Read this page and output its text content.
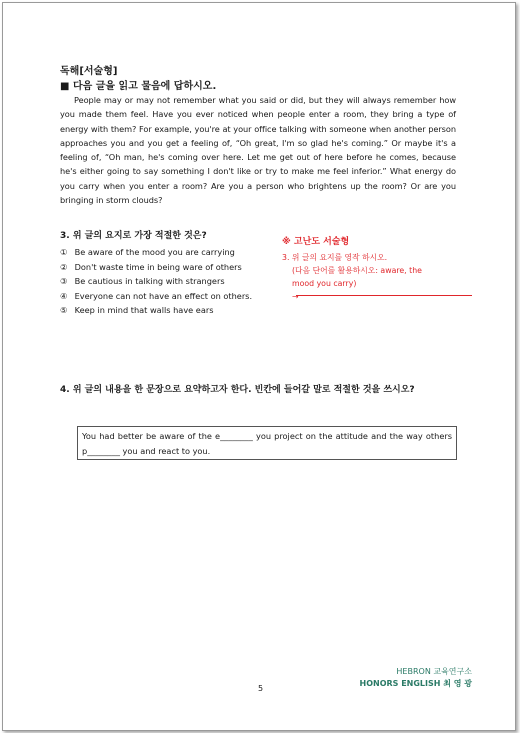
독해[서술형]
■ 다음 글을 읽고 물음에 답하시오.
People may or may not remember what you said or did, but they will always remember how you made them feel. Have you ever noticed when people enter a room, they bring a type of energy with them? For example, you're at your office talking with someone when another person approaches you and you get a feeling of, “Oh great, I'm so glad he's coming.” Or maybe it's a feeling of, “Oh man, he's coming over here. Let me get out of here before he comes, because he's either going to say something I don't like or try to make me feel inferior.” What energy do you carry when you enter a room? Are you a person who brightens up the room? Or are you bringing in storm clouds?
3. 위 글의 요지로 가장 적절한 것은?
① Be aware of the mood you are carrying
② Don't waste time in being ware of others
③ Be cautious in talking with strangers
④ Everyone can not have an effect on others.
⑤ Keep in mind that walls have ears
※ 고난도 서술형
3. 위 글의 요지를 영작 하시오.
(다음 단어를 활용하시오: aware, the
mood you carry)
→
4. 위 글의 내용을 한 문장으로 요약하고자 한다. 빈칸에 들어갈 말로 적절한 것을 쓰시오?
You had better be aware of the e________ you project on the attitude and the way others p________ you and react to you.
5
HEBRON 교육연구소
HONORS ENGLISH 최 영 광
